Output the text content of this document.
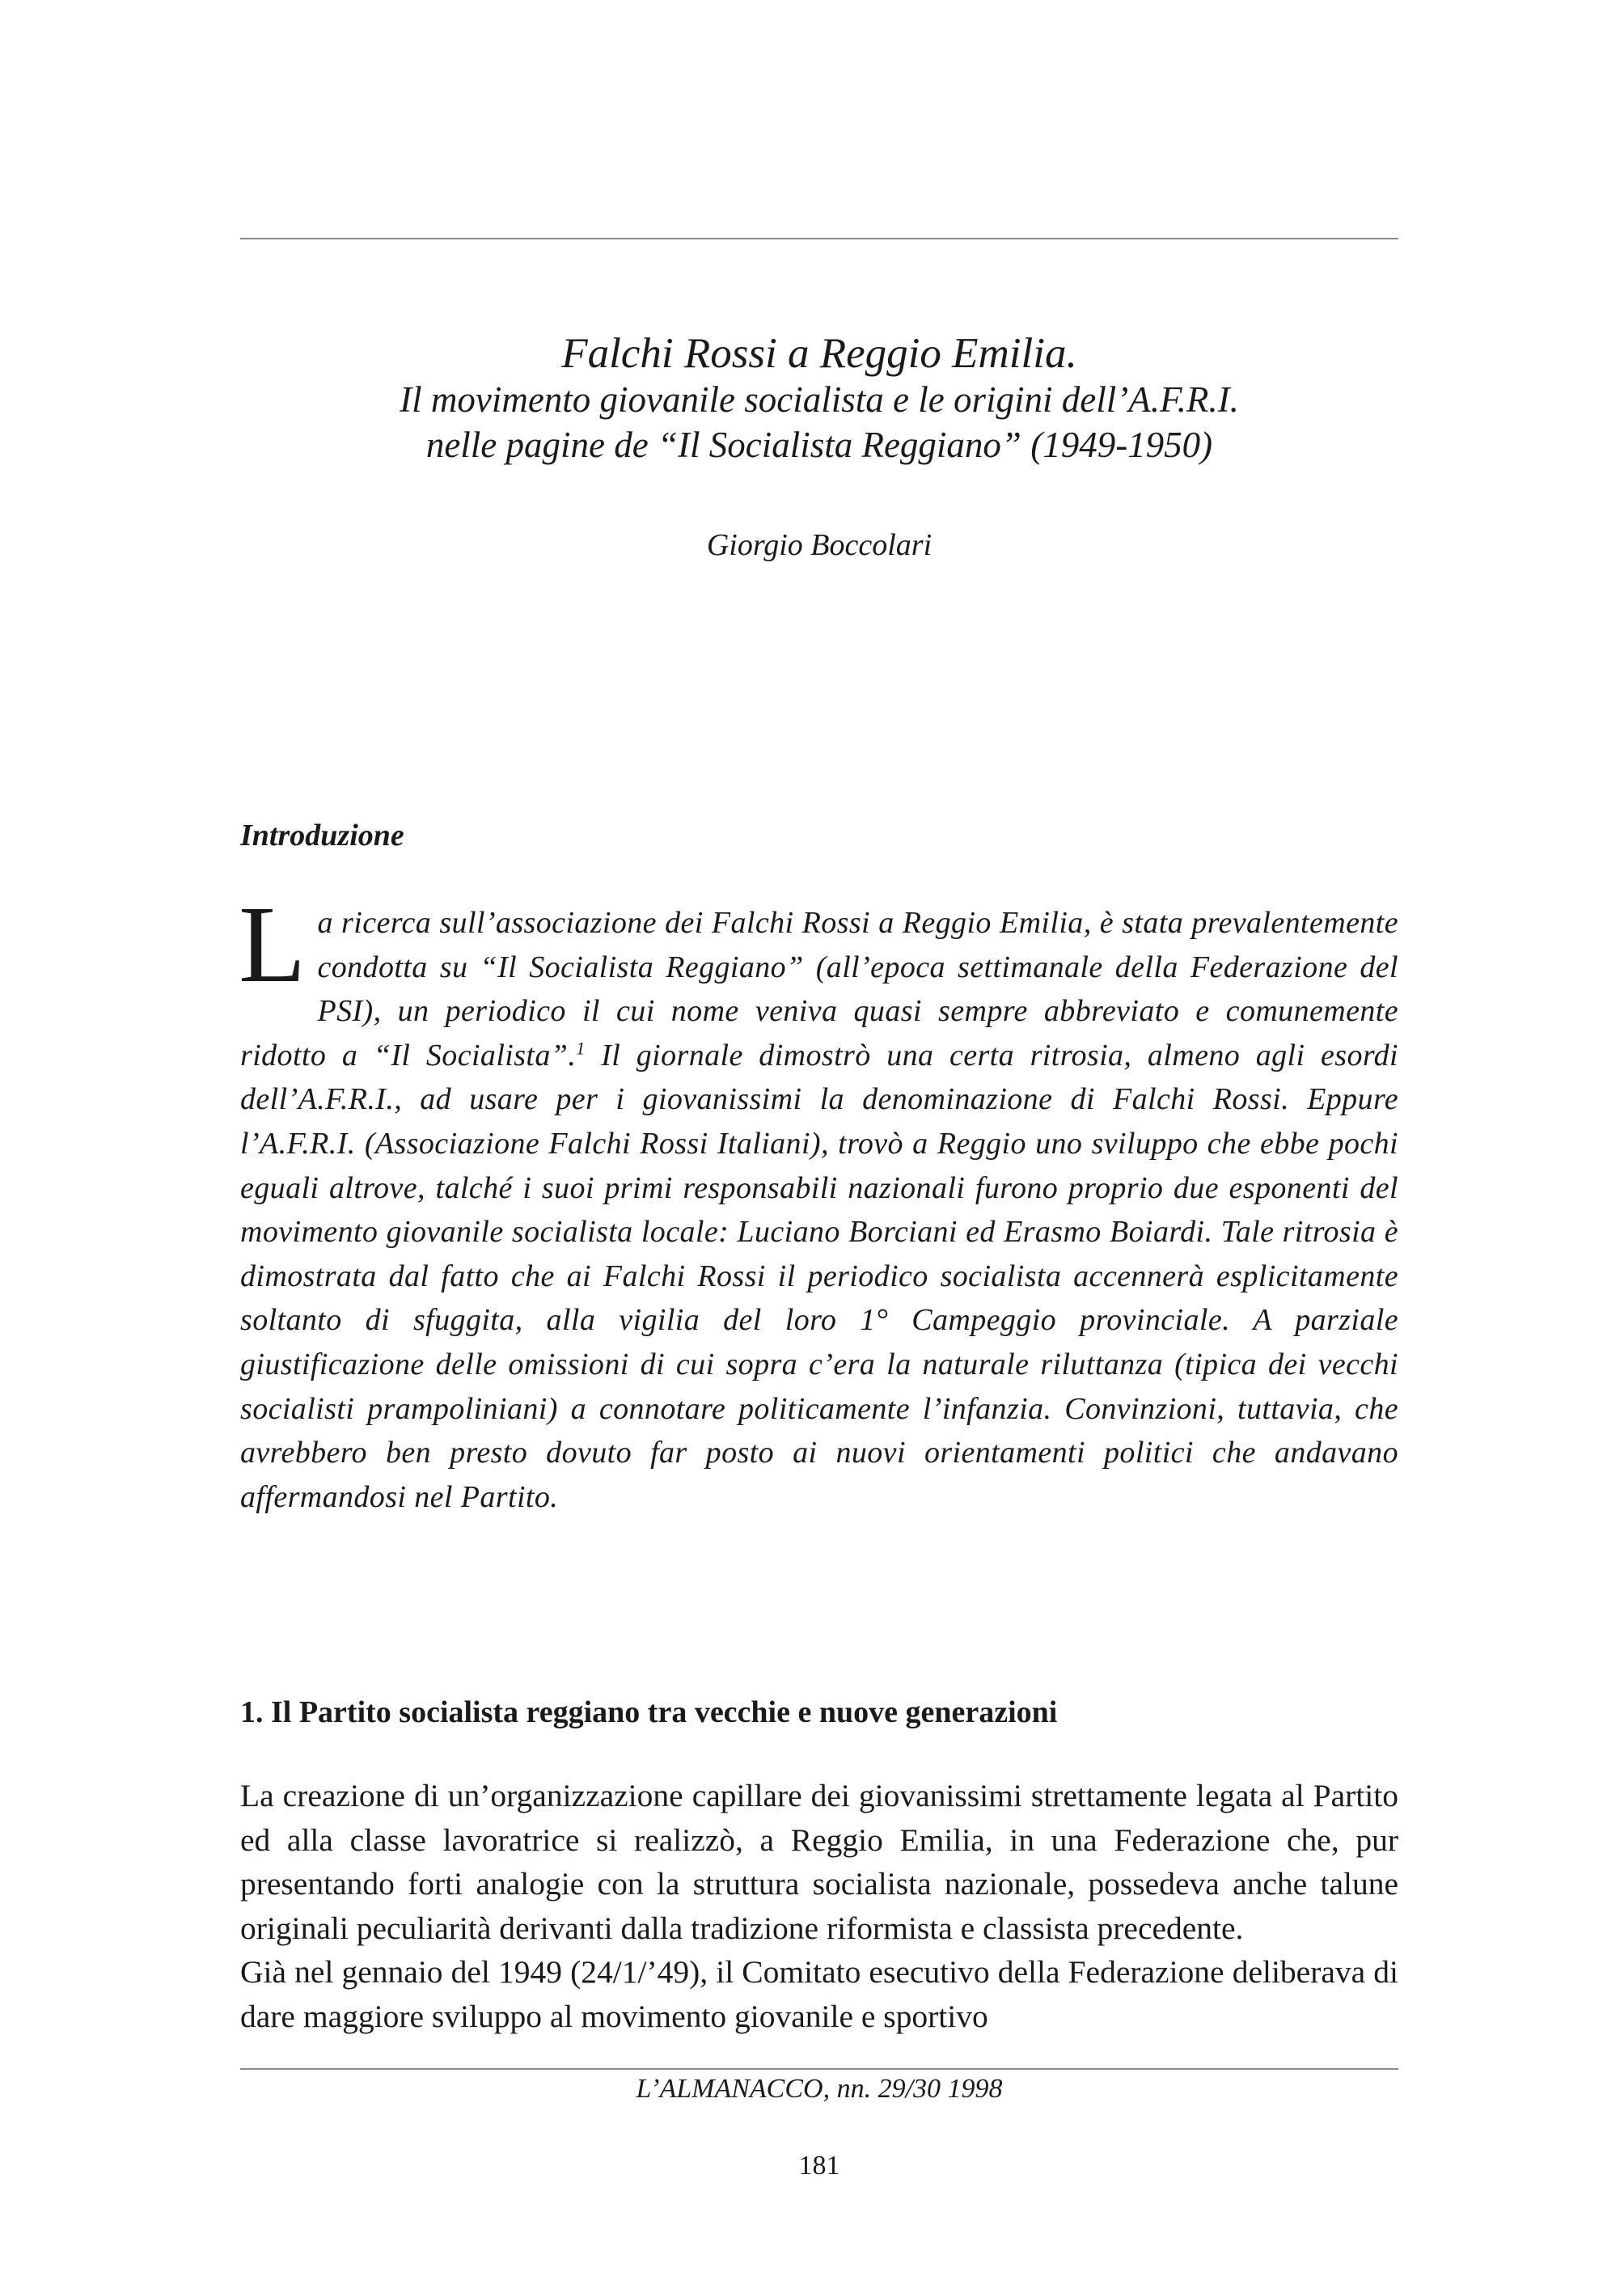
Falchi Rossi a Reggio Emilia.
Il movimento giovanile socialista e le origini dell’A.F.R.I.
nelle pagine de “Il Socialista Reggiano” (1949-1950)
Giorgio Boccolari
Introduzione
La ricerca sull’associazione dei Falchi Rossi a Reggio Emilia, è stata prevalentemente condotta su “Il Socialista Reggiano” (all’epoca settimanale della Federazione del PSI), un periodico il cui nome veniva quasi sempre abbreviato e comunemente ridotto a “Il Socialista”.$^1$ Il giornale dimostrò una certa ritrosia, almeno agli esordi dell’A.F.R.I., ad usare per i giovanissimi la denominazione di Falchi Rossi. Eppure l’A.F.R.I. (Associazione Falchi Rossi Italiani), trovò a Reggio uno sviluppo che ebbe pochi eguali altrove, talché i suoi primi responsabili nazionali furono proprio due esponenti del movimento giovanile socialista locale: Luciano Borciani ed Erasmo Boiardi. Tale ritrosia è dimostrata dal fatto che ai Falchi Rossi il periodico socialista accennerà esplicitamente soltanto di sfuggita, alla vigilia del loro 1° Campeggio provinciale. A parziale giustificazione delle omissioni di cui sopra c’era la naturale riluttanza (tipica dei vecchi socialisti prampoliniani) a connotare politicamente l’infanzia. Convinzioni, tuttavia, che avrebbero ben presto dovuto far posto ai nuovi orientamenti politici che andavano affermandosi nel Partito.
1. Il Partito socialista reggiano tra vecchie e nuove generazioni

La creazione di un’organizzazione capillare dei giovanissimi strettamente legata al Partito ed alla classe lavoratrice si realizzò, a Reggio Emilia, in una Federazione che, pur presentando forti analogie con la struttura socialista nazionale, possedeva anche talune originali peculiarità derivanti dalla tradizione riformista e classista precedente.

Già nel gennaio del 1949 (24/1/’49), il Comitato esecutivo della Federazione deliberava di dare maggiore sviluppo al movimento giovanile e sportivo

L’ALMANACCO, nn. 29/30 1998
181
